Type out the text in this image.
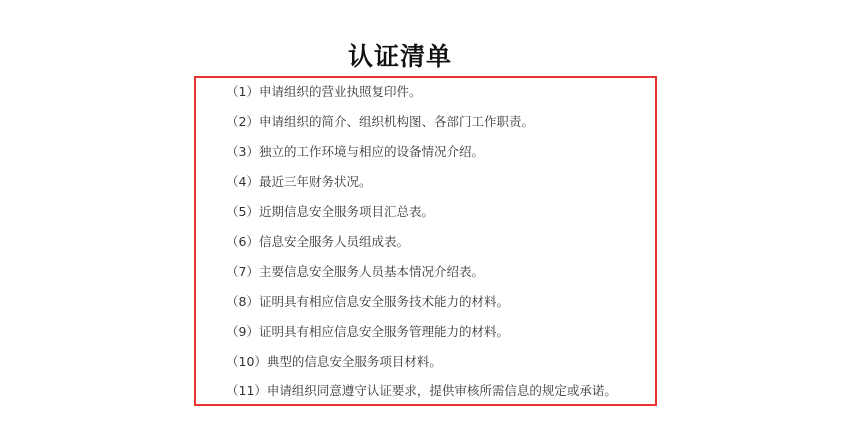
认证清单
（1）申请组织的营业执照复印件。
（2）申请组织的简介、组织机构图、各部门工作职责。
（3）独立的工作环境与相应的设备情况介绍。
（4）最近三年财务状况。
（5）近期信息安全服务项目汇总表。
（6）信息安全服务人员组成表。
（7）主要信息安全服务人员基本情况介绍表。
（8）证明具有相应信息安全服务技术能力的材料。
（9）证明具有相应信息安全服务管理能力的材料。
（10）典型的信息安全服务项目材料。
（11）申请组织同意遵守认证要求，提供审核所需信息的规定或承诺。
